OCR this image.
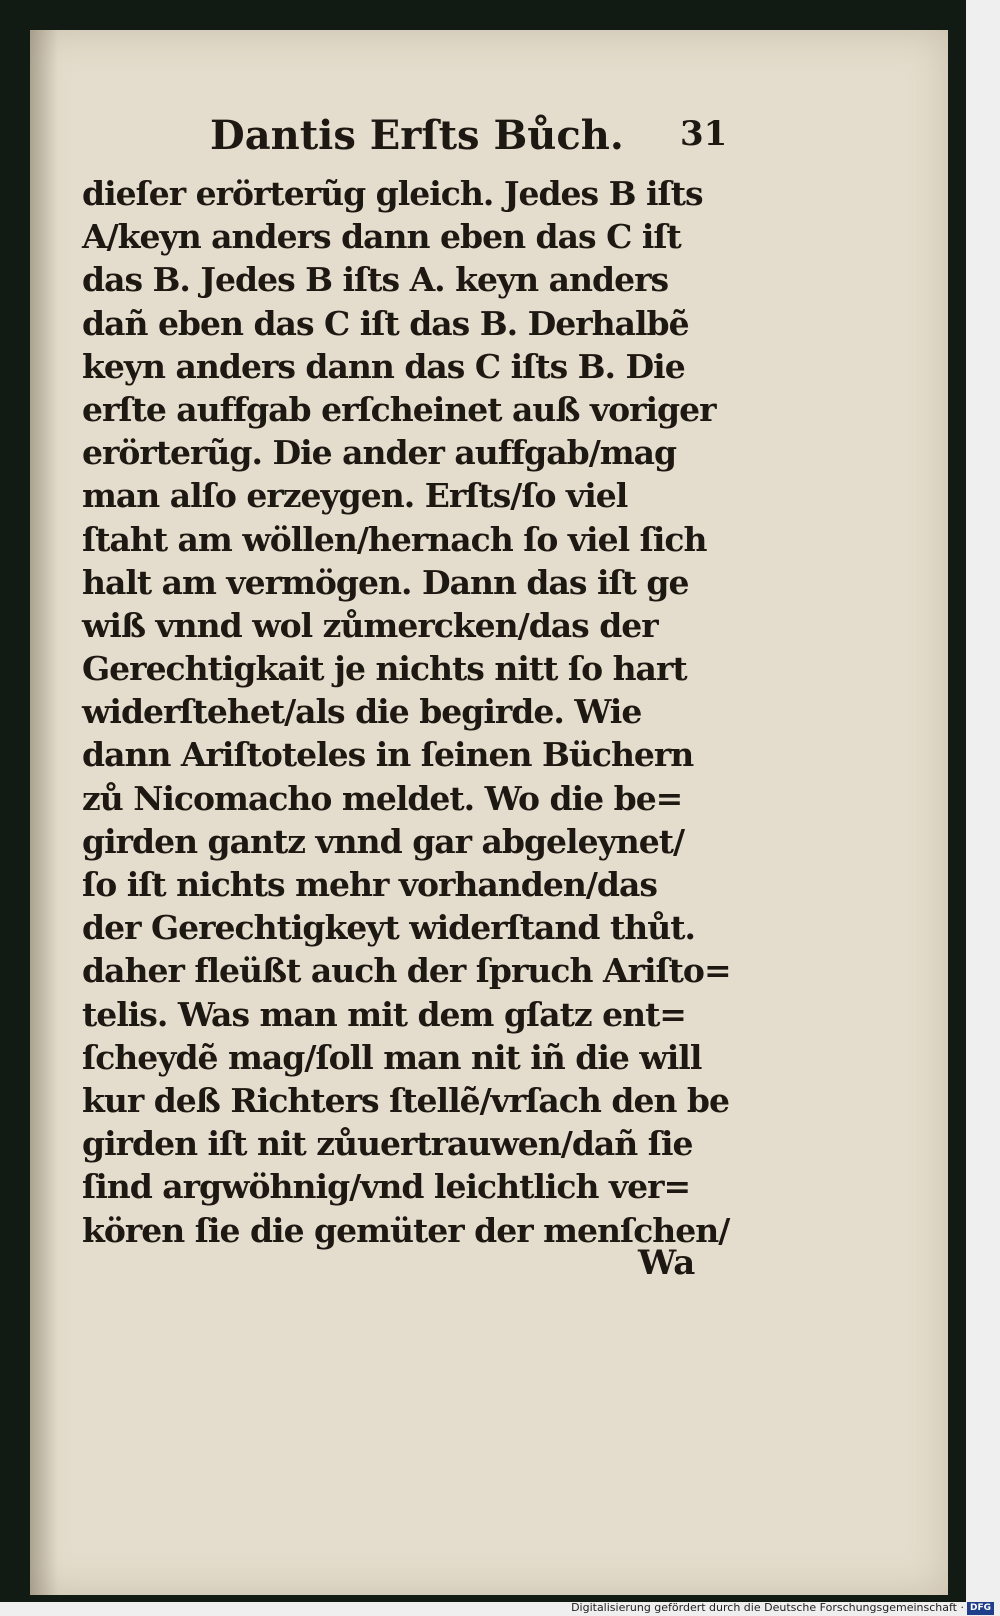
Dantis Erſts Bůch.	31
dieſer erörterũg gleich. Jedes B iſts
A/keyn anders dann eben das C iſt
das B. Jedes B iſts A. keyn anders
dañ eben das C iſt das B. Derhalbẽ
keyn anders dann das C iſts B. Die
erſte auffgab erſcheinet auß voriger
erörterũg. Die ander auffgab/mag
man alſo erzeygen. Erſts/ſo viel
ſtaht am wöllen/hernach ſo viel ſich
halt am vermögen. Dann das iſt ge
wiß vnnd wol zůmercken/das der
Gerechtigkait je nichts nitt ſo hart
widerſtehet/als die begirde. Wie
dann Ariſtoteles in ſeinen Büchern
zů Nicomacho meldet. Wo die be=
girden gantz vnnd gar abgeleynet/
ſo iſt nichts mehr vorhanden/das
der Gerechtigkeyt widerſtand thůt.
daher fleüßt auch der ſpruch Ariſto=
telis. Was man mit dem gſatz ent=
ſcheydẽ mag/ſoll man nit iñ die will
kur deß Richters ſtellẽ/vrſach den be
girden iſt nit zůuertrauwen/dañ ſie
ſind argwöhnig/vnd leichtlich ver=
kören ſie die gemüter der menſchen/
Wa
Digitalisierung gefördert durch die Deutsche Forschungsgemeinschaft · DFG
